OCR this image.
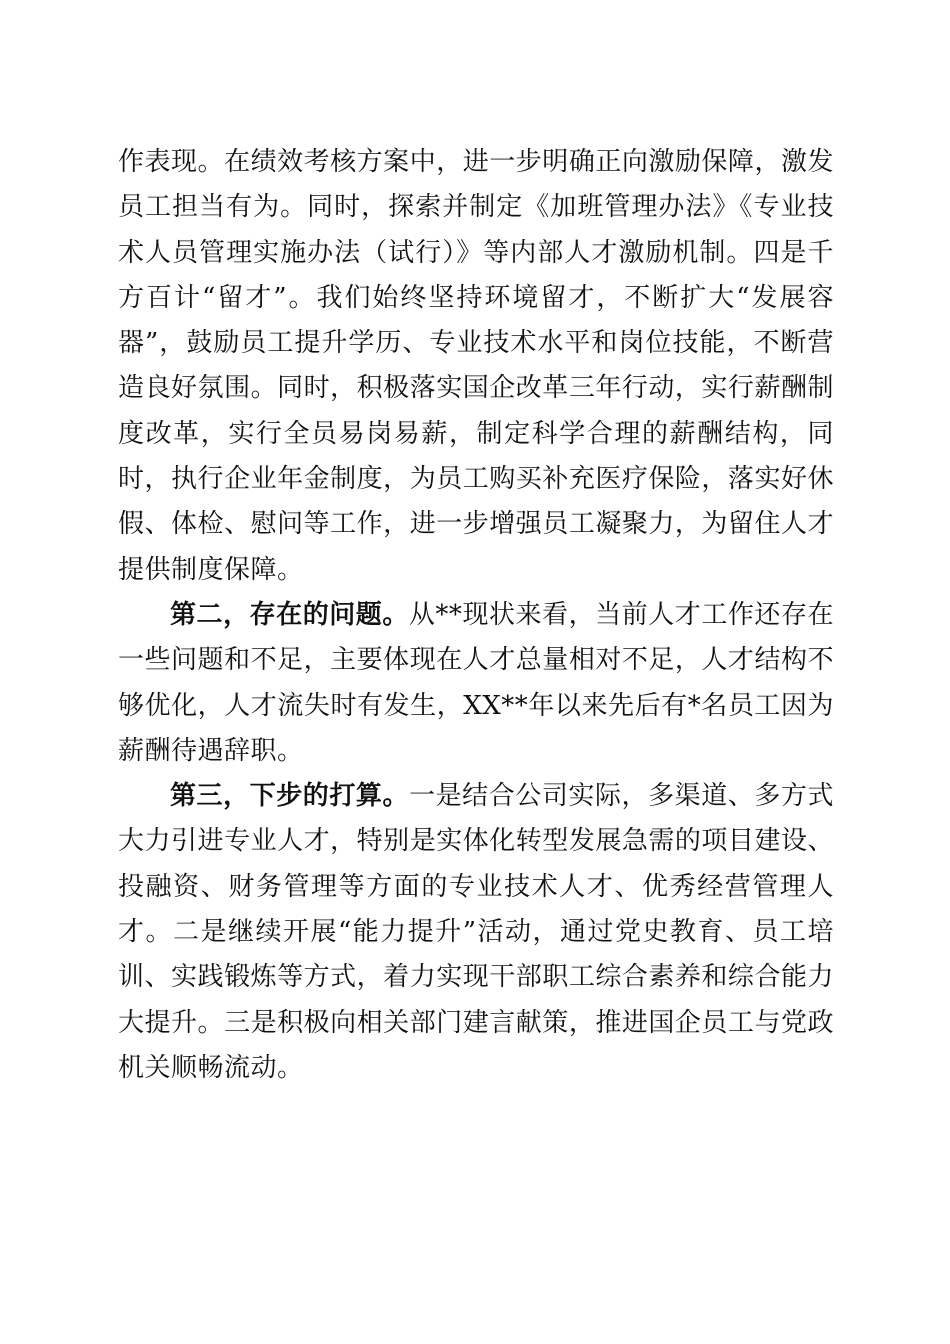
作表现。在绩效考核方案中，进一步明确正向激励保障，激发员工担当有为。同时，探索并制定《加班管理办法》《专业技术人员管理实施办法（试行）》等内部人才激励机制。四是千方百计“留才”。我们始终坚持环境留才，不断扩大“发展容器”，鼓励员工提升学历、专业技术水平和岗位技能，不断营造良好氛围。同时，积极落实国企改革三年行动，实行薪酬制度改革，实行全员易岗易薪，制定科学合理的薪酬结构，同时，执行企业年金制度，为员工购买补充医疗保险，落实好休假、体检、慰问等工作，进一步增强员工凝聚力，为留住人才提供制度保障。

第二，存在的问题。从**现状来看，当前人才工作还存在一些问题和不足，主要体现在人才总量相对不足，人才结构不够优化，人才流失时有发生，XX**年以来先后有*名员工因为薪酬待遇辞职。

第三，下步的打算。一是结合公司实际，多渠道、多方式大力引进专业人才，特别是实体化转型发展急需的项目建设、投融资、财务管理等方面的专业技术人才、优秀经营管理人才。二是继续开展“能力提升”活动，通过党史教育、员工培训、实践锻炼等方式，着力实现干部职工综合素养和综合能力大提升。三是积极向相关部门建言献策，推进国企员工与党政机关顺畅流动。
